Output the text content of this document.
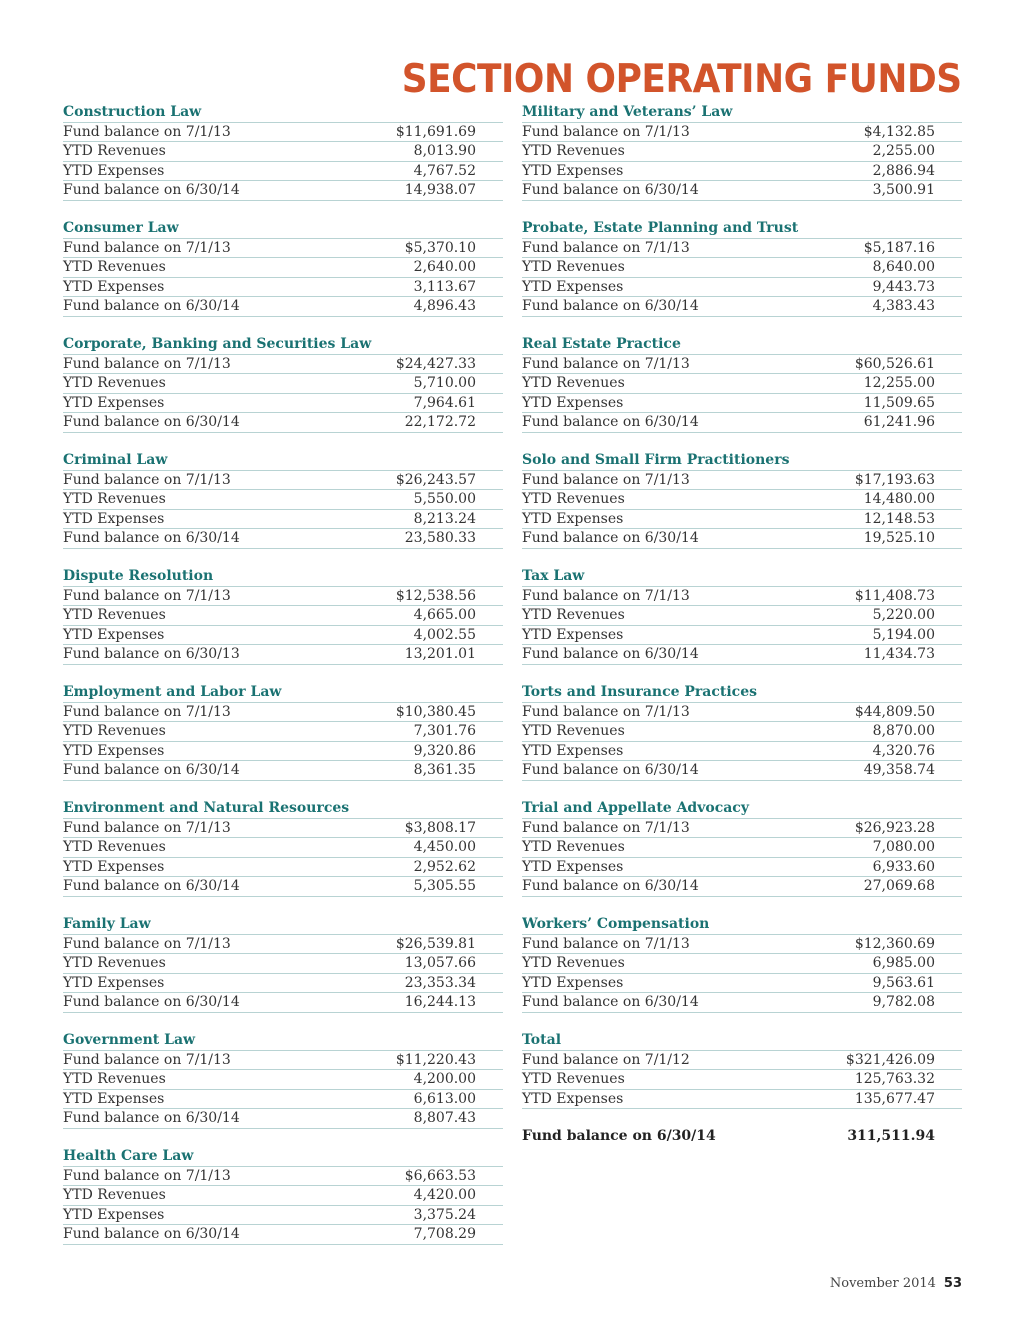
SECTION OPERATING FUNDS
Construction Law
Fund balance on 7/1/13	$11,691.69
YTD Revenues	8,013.90
YTD Expenses	4,767.52
Fund balance on 6/30/14	14,938.07
Consumer Law
Fund balance on 7/1/13	$5,370.10
YTD Revenues	2,640.00
YTD Expenses	3,113.67
Fund balance on 6/30/14	4,896.43
Corporate, Banking and Securities Law
Fund balance on 7/1/13	$24,427.33
YTD Revenues	5,710.00
YTD Expenses	7,964.61
Fund balance on 6/30/14	22,172.72
Criminal Law
Fund balance on 7/1/13	$26,243.57
YTD Revenues	5,550.00
YTD Expenses	8,213.24
Fund balance on 6/30/14	23,580.33
Dispute Resolution
Fund balance on 7/1/13	$12,538.56
YTD Revenues	4,665.00
YTD Expenses	4,002.55
Fund balance on 6/30/13	13,201.01
Employment and Labor Law
Fund balance on 7/1/13	$10,380.45
YTD Revenues	7,301.76
YTD Expenses	9,320.86
Fund balance on 6/30/14	8,361.35
Environment and Natural Resources
Fund balance on 7/1/13	$3,808.17
YTD Revenues	4,450.00
YTD Expenses	2,952.62
Fund balance on 6/30/14	5,305.55
Family Law
Fund balance on 7/1/13	$26,539.81
YTD Revenues	13,057.66
YTD Expenses	23,353.34
Fund balance on 6/30/14	16,244.13
Government Law
Fund balance on 7/1/13	$11,220.43
YTD Revenues	4,200.00
YTD Expenses	6,613.00
Fund balance on 6/30/14	8,807.43
Health Care Law
Fund balance on 7/1/13	$6,663.53
YTD Revenues	4,420.00
YTD Expenses	3,375.24
Fund balance on 6/30/14	7,708.29
Military and Veterans’ Law
Fund balance on 7/1/13	$4,132.85
YTD Revenues	2,255.00
YTD Expenses	2,886.94
Fund balance on 6/30/14	3,500.91
Probate, Estate Planning and Trust
Fund balance on 7/1/13	$5,187.16
YTD Revenues	8,640.00
YTD Expenses	9,443.73
Fund balance on 6/30/14	4,383.43
Real Estate Practice
Fund balance on 7/1/13	$60,526.61
YTD Revenues	12,255.00
YTD Expenses	11,509.65
Fund balance on 6/30/14	61,241.96
Solo and Small Firm Practitioners
Fund balance on 7/1/13	$17,193.63
YTD Revenues	14,480.00
YTD Expenses	12,148.53
Fund balance on 6/30/14	19,525.10
Tax Law
Fund balance on 7/1/13	$11,408.73
YTD Revenues	5,220.00
YTD Expenses	5,194.00
Fund balance on 6/30/14	11,434.73
Torts and Insurance Practices
Fund balance on 7/1/13	$44,809.50
YTD Revenues	8,870.00
YTD Expenses	4,320.76
Fund balance on 6/30/14	49,358.74
Trial and Appellate Advocacy
Fund balance on 7/1/13	$26,923.28
YTD Revenues	7,080.00
YTD Expenses	6,933.60
Fund balance on 6/30/14	27,069.68
Workers’ Compensation
Fund balance on 7/1/13	$12,360.69
YTD Revenues	6,985.00
YTD Expenses	9,563.61
Fund balance on 6/30/14	9,782.08
Total
Fund balance on 7/1/12	$321,426.09
YTD Revenues	125,763.32
YTD Expenses	135,677.47
Fund balance on 6/30/14	311,511.94
November 2014 53
